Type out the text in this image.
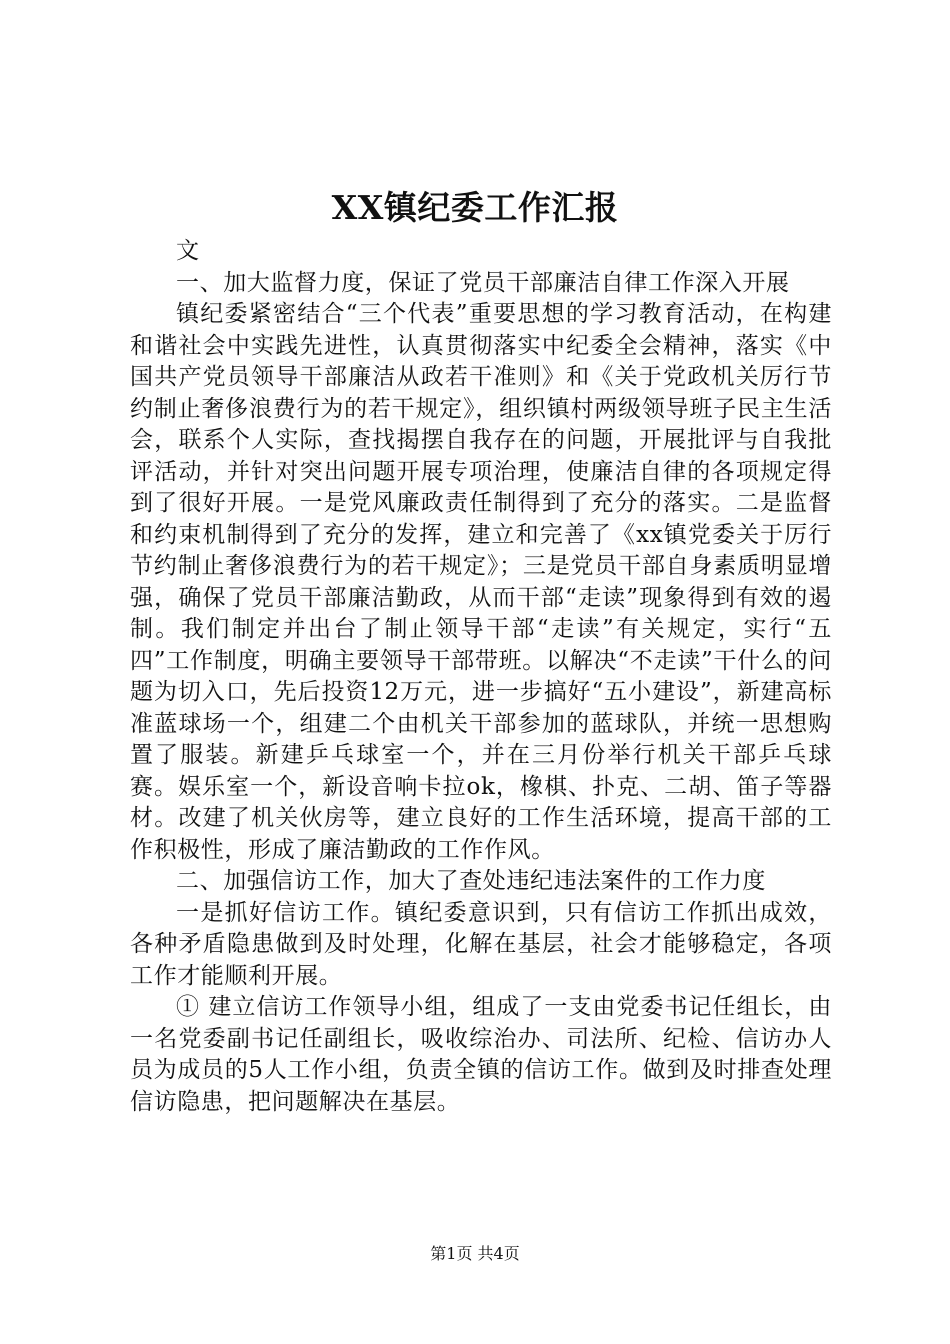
XX镇纪委工作汇报

文

一、加大监督力度，保证了党员干部廉洁自律工作深入开展

镇纪委紧密结合“三个代表”重要思想的学习教育活动，在构建和谐社会中实践先进性，认真贯彻落实中纪委全会精神，落实《中国共产党员领导干部廉洁从政若干准则》和《关于党政机关厉行节约制止奢侈浪费行为的若干规定》，组织镇村两级领导班子民主生活会，联系个人实际，查找揭摆自我存在的问题，开展批评与自我批评活动，并针对突出问题开展专项治理，使廉洁自律的各项规定得到了很好开展。一是党风廉政责任制得到了充分的落实。二是监督和约束机制得到了充分的发挥，建立和完善了《xx镇党委关于厉行节约制止奢侈浪费行为的若干规定》；三是党员干部自身素质明显增强，确保了党员干部廉洁勤政，从而干部“走读”现象得到有效的遏制。我们制定并出台了制止领导干部“走读”有关规定，实行“五四”工作制度，明确主要领导干部带班。以解决“不走读”干什么的问题为切入口，先后投资12万元，进一步搞好“五小建设”，新建高标准蓝球场一个，组建二个由机关干部参加的蓝球队，并统一思想购置了服装。新建乒乓球室一个，并在三月份举行机关干部乒乓球赛。娱乐室一个，新设音响卡拉ok，橡棋、扑克、二胡、笛子等器材。改建了机关伙房等，建立良好的工作生活环境，提高干部的工作积极性，形成了廉洁勤政的工作作风。

二、加强信访工作，加大了查处违纪违法案件的工作力度

一是抓好信访工作。镇纪委意识到，只有信访工作抓出成效，各种矛盾隐患做到及时处理，化解在基层，社会才能够稳定，各项工作才能顺利开展。

① 建立信访工作领导小组，组成了一支由党委书记任组长，由一名党委副书记任副组长，吸收综治办、司法所、纪检、信访办人员为成员的5人工作小组，负责全镇的信访工作。做到及时排查处理信访隐患，把问题解决在基层。

第1页 共4页
